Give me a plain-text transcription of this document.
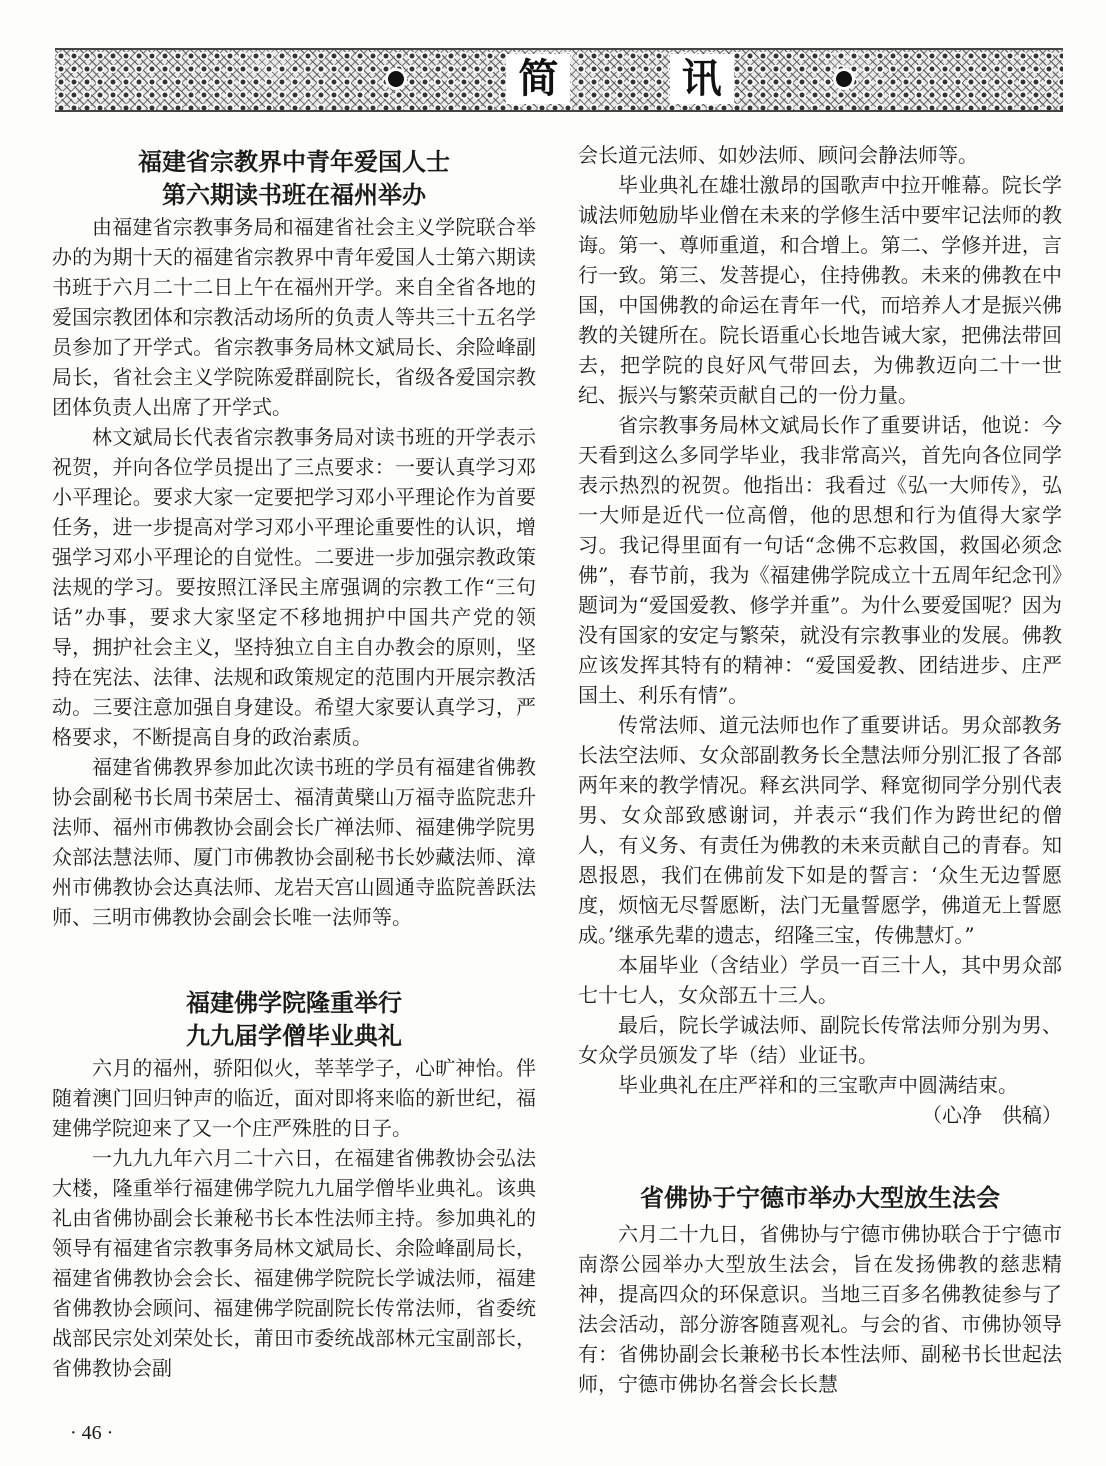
简	讯
福建省宗教界中青年爱国人士
第六期读书班在福州举办

由福建省宗教事务局和福建省社会主义学院联合举办的为期十天的福建省宗教界中青年爱国人士第六期读书班于六月二十二日上午在福州开学。来自全省各地的爱国宗教团体和宗教活动场所的负责人等共三十五名学员参加了开学式。省宗教事务局林文斌局长、余险峰副局长，省社会主义学院陈爱群副院长，省级各爱国宗教团体负责人出席了开学式。

林文斌局长代表省宗教事务局对读书班的开学表示祝贺，并向各位学员提出了三点要求：一要认真学习邓小平理论。要求大家一定要把学习邓小平理论作为首要任务，进一步提高对学习邓小平理论重要性的认识，增强学习邓小平理论的自觉性。二要进一步加强宗教政策法规的学习。要按照江泽民主席强调的宗教工作“三句话”办事，要求大家坚定不移地拥护中国共产党的领导，拥护社会主义，坚持独立自主自办教会的原则，坚持在宪法、法律、法规和政策规定的范围内开展宗教活动。三要注意加强自身建设。希望大家要认真学习，严格要求，不断提高自身的政治素质。

福建省佛教界参加此次读书班的学员有福建省佛教协会副秘书长周书荣居士、福清黄檗山万福寺监院悲升法师、福州市佛教协会副会长广禅法师、福建佛学院男众部法慧法师、厦门市佛教协会副秘书长妙藏法师、漳州市佛教协会达真法师、龙岩天宫山圆通寺监院善跃法师、三明市佛教协会副会长唯一法师等。

福建佛学院隆重举行
九九届学僧毕业典礼

六月的福州，骄阳似火，莘莘学子，心旷神怡。伴随着澳门回归钟声的临近，面对即将来临的新世纪，福建佛学院迎来了又一个庄严殊胜的日子。

一九九九年六月二十六日，在福建省佛教协会弘法大楼，隆重举行福建佛学院九九届学僧毕业典礼。该典礼由省佛协副会长兼秘书长本性法师主持。参加典礼的领导有福建省宗教事务局林文斌局长、余险峰副局长，福建省佛教协会会长、福建佛学院院长学诚法师，福建省佛教协会顾问、福建佛学院副院长传常法师，省委统战部民宗处刘荣处长，莆田市委统战部林元宝副部长，省佛教协会副

会长道元法师、如妙法师、顾问会静法师等。

毕业典礼在雄壮激昂的国歌声中拉开帷幕。院长学诚法师勉励毕业僧在未来的学修生活中要牢记法师的教诲。第一、尊师重道，和合增上。第二、学修并进，言行一致。第三、发菩提心，住持佛教。未来的佛教在中国，中国佛教的命运在青年一代，而培养人才是振兴佛教的关键所在。院长语重心长地告诫大家，把佛法带回去，把学院的良好风气带回去，为佛教迈向二十一世纪、振兴与繁荣贡献自己的一份力量。

省宗教事务局林文斌局长作了重要讲话，他说：今天看到这么多同学毕业，我非常高兴，首先向各位同学表示热烈的祝贺。他指出：我看过《弘一大师传》，弘一大师是近代一位高僧，他的思想和行为值得大家学习。我记得里面有一句话“念佛不忘救国，救国必须念佛”，春节前，我为《福建佛学院成立十五周年纪念刊》题词为“爱国爱教、修学并重”。为什么要爱国呢？因为没有国家的安定与繁荣，就没有宗教事业的发展。佛教应该发挥其特有的精神：“爱国爱教、团结进步、庄严国土、利乐有情”。

传常法师、道元法师也作了重要讲话。男众部教务长法空法师、女众部副教务长全慧法师分别汇报了各部两年来的教学情况。释玄洪同学、释宽彻同学分别代表男、女众部致感谢词，并表示“我们作为跨世纪的僧人，有义务、有责任为佛教的未来贡献自己的青春。知恩报恩，我们在佛前发下如是的誓言：‘众生无边誓愿度，烦恼无尽誓愿断，法门无量誓愿学，佛道无上誓愿成。’继承先辈的遗志，绍隆三宝，传佛慧灯。”

本届毕业（含结业）学员一百三十人，其中男众部七十七人，女众部五十三人。

最后，院长学诚法师、副院长传常法师分别为男、女众学员颁发了毕（结）业证书。

毕业典礼在庄严祥和的三宝歌声中圆满结束。

（心净　供稿）
省佛协于宁德市举办大型放生法会

六月二十九日，省佛协与宁德市佛协联合于宁德市南漈公园举办大型放生法会，旨在发扬佛教的慈悲精神，提高四众的环保意识。当地三百多名佛教徒参与了法会活动，部分游客随喜观礼。与会的省、市佛协领导有：省佛协副会长兼秘书长本性法师、副秘书长世起法师，宁德市佛协名誉会长长慧

· 46 ·
